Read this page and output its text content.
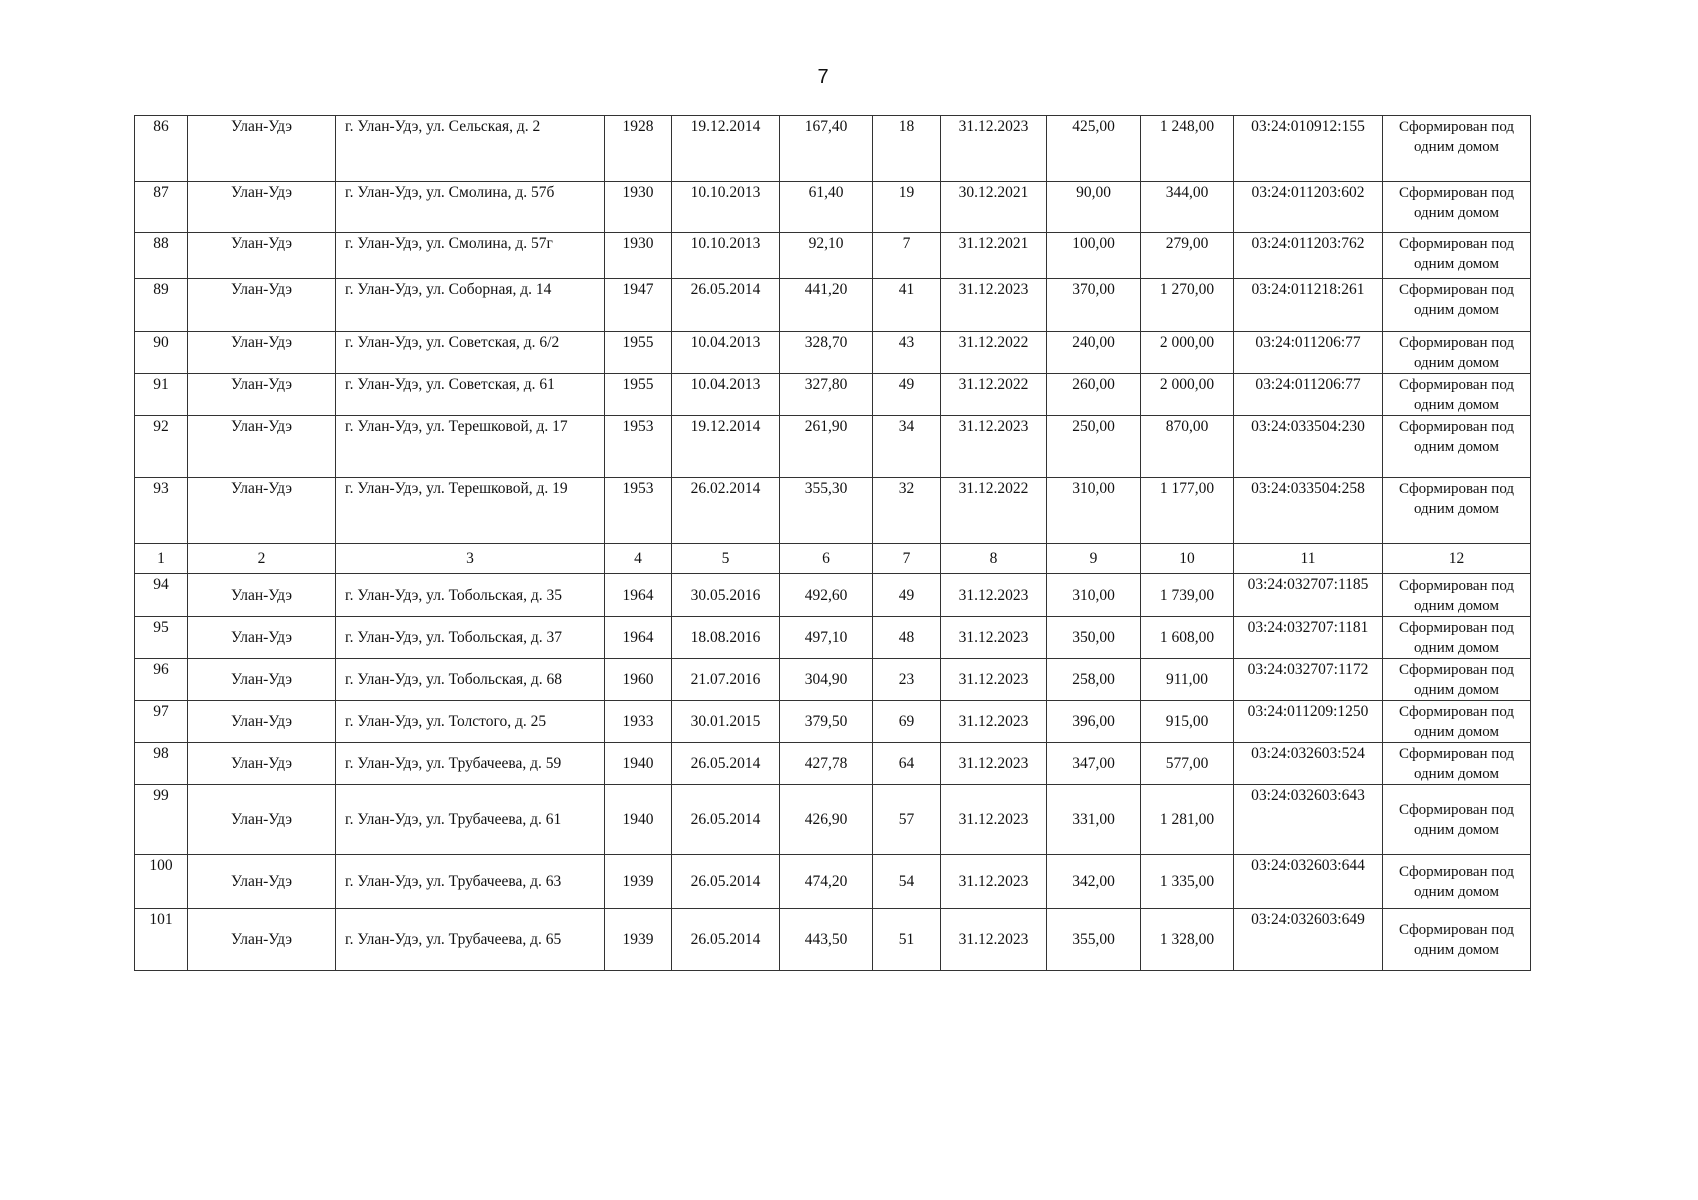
7
86	Улан-Удэ	г. Улан-Удэ, ул. Сельская, д. 2	1928	19.12.2014	167,40	18	31.12.2023	425,00	1 248,00	03:24:010912:155	Сформирован под одним домом
87	Улан-Удэ	г. Улан-Удэ, ул. Смолина, д. 57б	1930	10.10.2013	61,40	19	30.12.2021	90,00	344,00	03:24:011203:602	Сформирован под одним домом
88	Улан-Удэ	г. Улан-Удэ, ул. Смолина, д. 57г	1930	10.10.2013	92,10	7	31.12.2021	100,00	279,00	03:24:011203:762	Сформирован под одним домом
89	Улан-Удэ	г. Улан-Удэ, ул. Соборная, д. 14	1947	26.05.2014	441,20	41	31.12.2023	370,00	1 270,00	03:24:011218:261	Сформирован под одним домом
90	Улан-Удэ	г. Улан-Удэ, ул. Советская, д. 6/2	1955	10.04.2013	328,70	43	31.12.2022	240,00	2 000,00	03:24:011206:77	Сформирован под одним домом
91	Улан-Удэ	г. Улан-Удэ, ул. Советская, д. 61	1955	10.04.2013	327,80	49	31.12.2022	260,00	2 000,00	03:24:011206:77	Сформирован под одним домом
92	Улан-Удэ	г. Улан-Удэ, ул. Терешковой, д. 17	1953	19.12.2014	261,90	34	31.12.2023	250,00	870,00	03:24:033504:230	Сформирован под одним домом
93	Улан-Удэ	г. Улан-Удэ, ул. Терешковой, д. 19	1953	26.02.2014	355,30	32	31.12.2022	310,00	1 177,00	03:24:033504:258	Сформирован под одним домом
1	2	3	4	5	6	7	8	9	10	11	12
94	Улан-Удэ	г. Улан-Удэ, ул. Тобольская, д. 35	1964	30.05.2016	492,60	49	31.12.2023	310,00	1 739,00	03:24:032707:1185	Сформирован под одним домом
95	Улан-Удэ	г. Улан-Удэ, ул. Тобольская, д. 37	1964	18.08.2016	497,10	48	31.12.2023	350,00	1 608,00	03:24:032707:1181	Сформирован под одним домом
96	Улан-Удэ	г. Улан-Удэ, ул. Тобольская, д. 68	1960	21.07.2016	304,90	23	31.12.2023	258,00	911,00	03:24:032707:1172	Сформирован под одним домом
97	Улан-Удэ	г. Улан-Удэ, ул. Толстого, д. 25	1933	30.01.2015	379,50	69	31.12.2023	396,00	915,00	03:24:011209:1250	Сформирован под одним домом
98	Улан-Удэ	г. Улан-Удэ, ул. Трубачеева, д. 59	1940	26.05.2014	427,78	64	31.12.2023	347,00	577,00	03:24:032603:524	Сформирован под одним домом
99	Улан-Удэ	г. Улан-Удэ, ул. Трубачеева, д. 61	1940	26.05.2014	426,90	57	31.12.2023	331,00	1 281,00	03:24:032603:643	Сформирован под одним домом
100	Улан-Удэ	г. Улан-Удэ, ул. Трубачеева, д. 63	1939	26.05.2014	474,20	54	31.12.2023	342,00	1 335,00	03:24:032603:644	Сформирован под одним домом
101	Улан-Удэ	г. Улан-Удэ, ул. Трубачеева, д. 65	1939	26.05.2014	443,50	51	31.12.2023	355,00	1 328,00	03:24:032603:649	Сформирован под одним домом
